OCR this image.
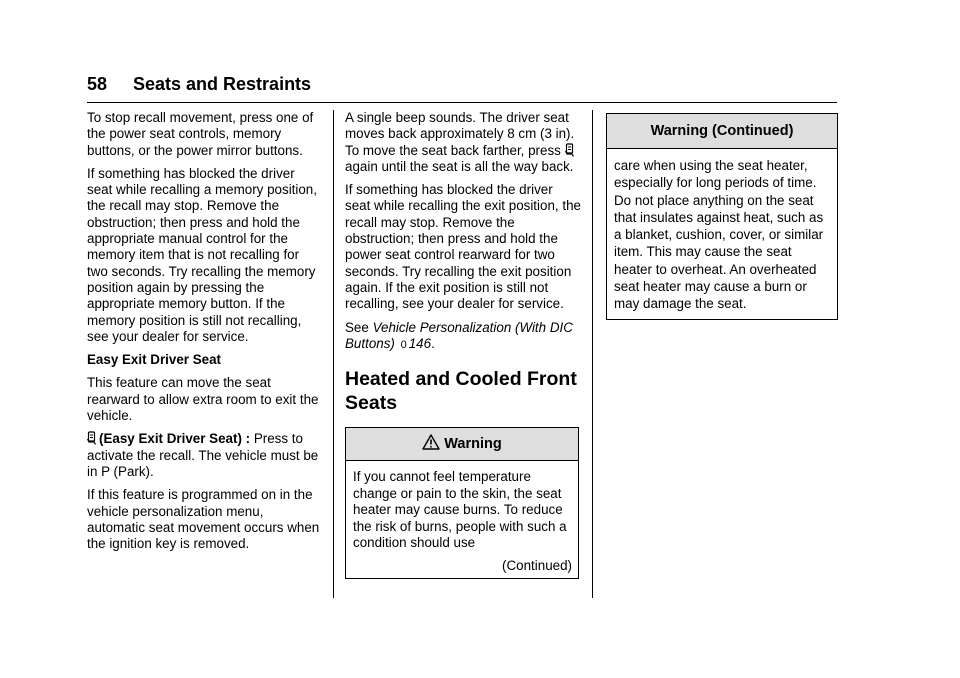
58 Seats and Restraints

To stop recall movement, press one of the power seat controls, memory buttons, or the power mirror buttons.

If something has blocked the driver seat while recalling a memory position, the recall may stop. Remove the obstruction; then press and hold the appropriate manual control for the memory item that is not recalling for two seconds. Try recalling the memory position again by pressing the appropriate memory button. If the memory position is still not recalling, see your dealer for service.

Easy Exit Driver Seat

This feature can move the seat rearward to allow extra room to exit the vehicle.

(Easy Exit Driver Seat) : Press to activate the recall. The vehicle must be in P (Park).

If this feature is programmed on in the vehicle personalization menu, automatic seat movement occurs when the ignition key is removed.

A single beep sounds. The driver seat moves back approximately 8 cm (3 in). To move the seat back farther, press again until the seat is all the way back.

If something has blocked the driver seat while recalling the exit position, the recall may stop. Remove the obstruction; then press and hold the power seat control rearward for two seconds. Try recalling the exit position again. If the exit position is still not recalling, see your dealer for service.

See Vehicle Personalization (With DIC Buttons) 0 146.

Heated and Cooled Front Seats
Warning
If you cannot feel temperature change or pain to the skin, the seat heater may cause burns. To reduce the risk of burns, people with such a condition should use
(Continued)
Warning (Continued)
care when using the seat heater, especially for long periods of time. Do not place anything on the seat that insulates against heat, such as a blanket, cushion, cover, or similar item. This may cause the seat heater to overheat. An overheated seat heater may cause a burn or may damage the seat.
